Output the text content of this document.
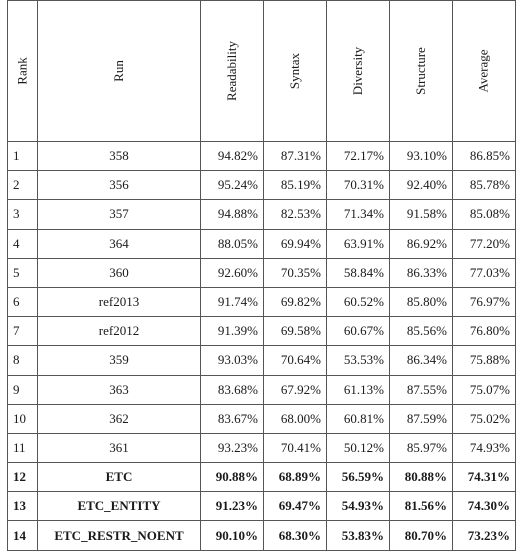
Rank	Run	Readability	Syntax	Diversity	Structure	Average
1	358	94.82%	87.31%	72.17%	93.10%	86.85%
2	356	95.24%	85.19%	70.31%	92.40%	85.78%
3	357	94.88%	82.53%	71.34%	91.58%	85.08%
4	364	88.05%	69.94%	63.91%	86.92%	77.20%
5	360	92.60%	70.35%	58.84%	86.33%	77.03%
6	ref2013	91.74%	69.82%	60.52%	85.80%	76.97%
7	ref2012	91.39%	69.58%	60.67%	85.56%	76.80%
8	359	93.03%	70.64%	53.53%	86.34%	75.88%
9	363	83.68%	67.92%	61.13%	87.55%	75.07%
10	362	83.67%	68.00%	60.81%	87.59%	75.02%
11	361	93.23%	70.41%	50.12%	85.97%	74.93%
12	ETC	90.88%	68.89%	56.59%	80.88%	74.31%
13	ETC_ENTITY	91.23%	69.47%	54.93%	81.56%	74.30%
14	ETC_RESTR_NOENT	90.10%	68.30%	53.83%	80.70%	73.23%
